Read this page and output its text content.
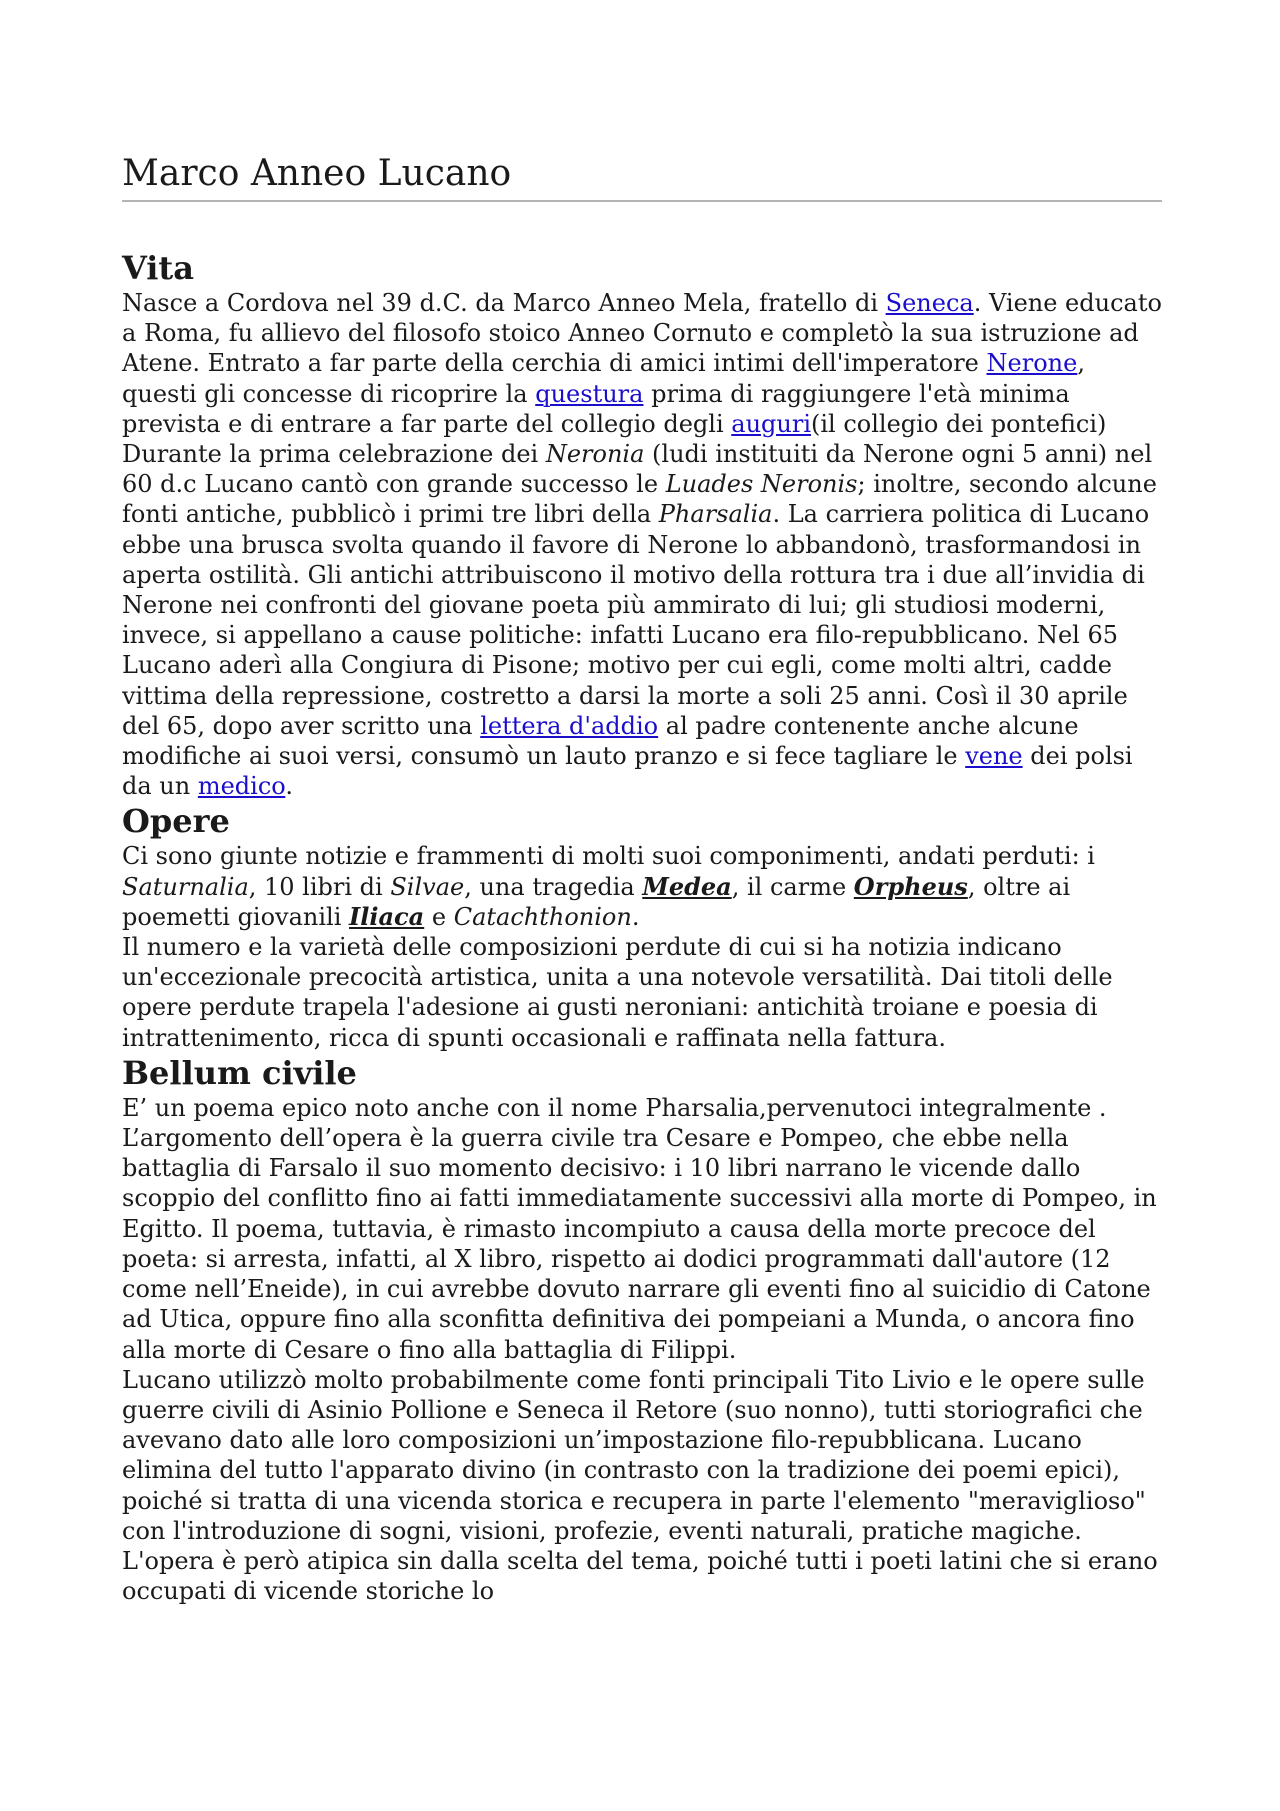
Marco Anneo Lucano
Vita

Nasce a Cordova nel 39 d.C. da Marco Anneo Mela, fratello di Seneca. Viene educato a Roma, fu allievo del filosofo stoico Anneo Cornuto e completò la sua istruzione ad Atene. Entrato a far parte della cerchia di amici intimi dell'imperatore Nerone, questi gli concesse di ricoprire la questura prima di raggiungere l'età minima prevista e di entrare a far parte del collegio degli auguri(il collegio dei pontefici) Durante la prima celebrazione dei Neronia (ludi instituiti da Nerone ogni 5 anni) nel 60 d.c Lucano cantò con grande successo le Luades Neronis; inoltre, secondo alcune fonti antiche, pubblicò i primi tre libri della Pharsalia. La carriera politica di Lucano ebbe una brusca svolta quando il favore di Nerone lo abbandonò, trasformandosi in aperta ostilità. Gli antichi attribuiscono il motivo della rottura tra i due all’invidia di Nerone nei confronti del giovane poeta più ammirato di lui; gli studiosi moderni, invece, si appellano a cause politiche: infatti Lucano era filo-repubblicano. Nel 65 Lucano aderì alla Congiura di Pisone; motivo per cui egli, come molti altri, cadde vittima della repressione, costretto a darsi la morte a soli 25 anni. Così il 30 aprile del 65, dopo aver scritto una lettera d'addio al padre contenente anche alcune modifiche ai suoi versi, consumò un lauto pranzo e si fece tagliare le vene dei polsi da un medico.

Opere

Ci sono giunte notizie e frammenti di molti suoi componimenti, andati perduti: i Saturnalia, 10 libri di Silvae, una tragedia Medea, il carme Orpheus, oltre ai poemetti giovanili Iliaca e Catachthonion.
Il numero e la varietà delle composizioni perdute di cui si ha notizia indicano un'eccezionale precocità artistica, unita a una notevole versatilità. Dai titoli delle opere perdute trapela l'adesione ai gusti neroniani: antichità troiane e poesia di intrattenimento, ricca di spunti occasionali e raffinata nella fattura.

Bellum civile

E’ un poema epico noto anche con il nome Pharsalia,pervenutoci integralmente . L’argomento dell’opera è la guerra civile tra Cesare e Pompeo, che ebbe nella battaglia di Farsalo il suo momento decisivo: i 10 libri narrano le vicende dallo scoppio del conflitto fino ai fatti immediatamente successivi alla morte di Pompeo, in Egitto. Il poema, tuttavia, è rimasto incompiuto a causa della morte precoce del poeta: si arresta, infatti, al X libro, rispetto ai dodici programmati dall'autore (12 come nell’Eneide), in cui avrebbe dovuto narrare gli eventi fino al suicidio di Catone ad Utica, oppure fino alla sconfitta definitiva dei pompeiani a Munda, o ancora fino alla morte di Cesare o fino alla battaglia di Filippi.

Lucano utilizzò molto probabilmente come fonti principali Tito Livio e le opere sulle guerre civili di Asinio Pollione e Seneca il Retore (suo nonno), tutti storiografici che avevano dato alle loro composizioni un’impostazione filo-repubblicana. Lucano elimina del tutto l'apparato divino (in contrasto con la tradizione dei poemi epici), poiché si tratta di una vicenda storica e recupera in parte l'elemento "meraviglioso" con l'introduzione di sogni, visioni, profezie, eventi naturali, pratiche magiche. L'opera è però atipica sin dalla scelta del tema, poiché tutti i poeti latini che si erano occupati di vicende storiche lo
